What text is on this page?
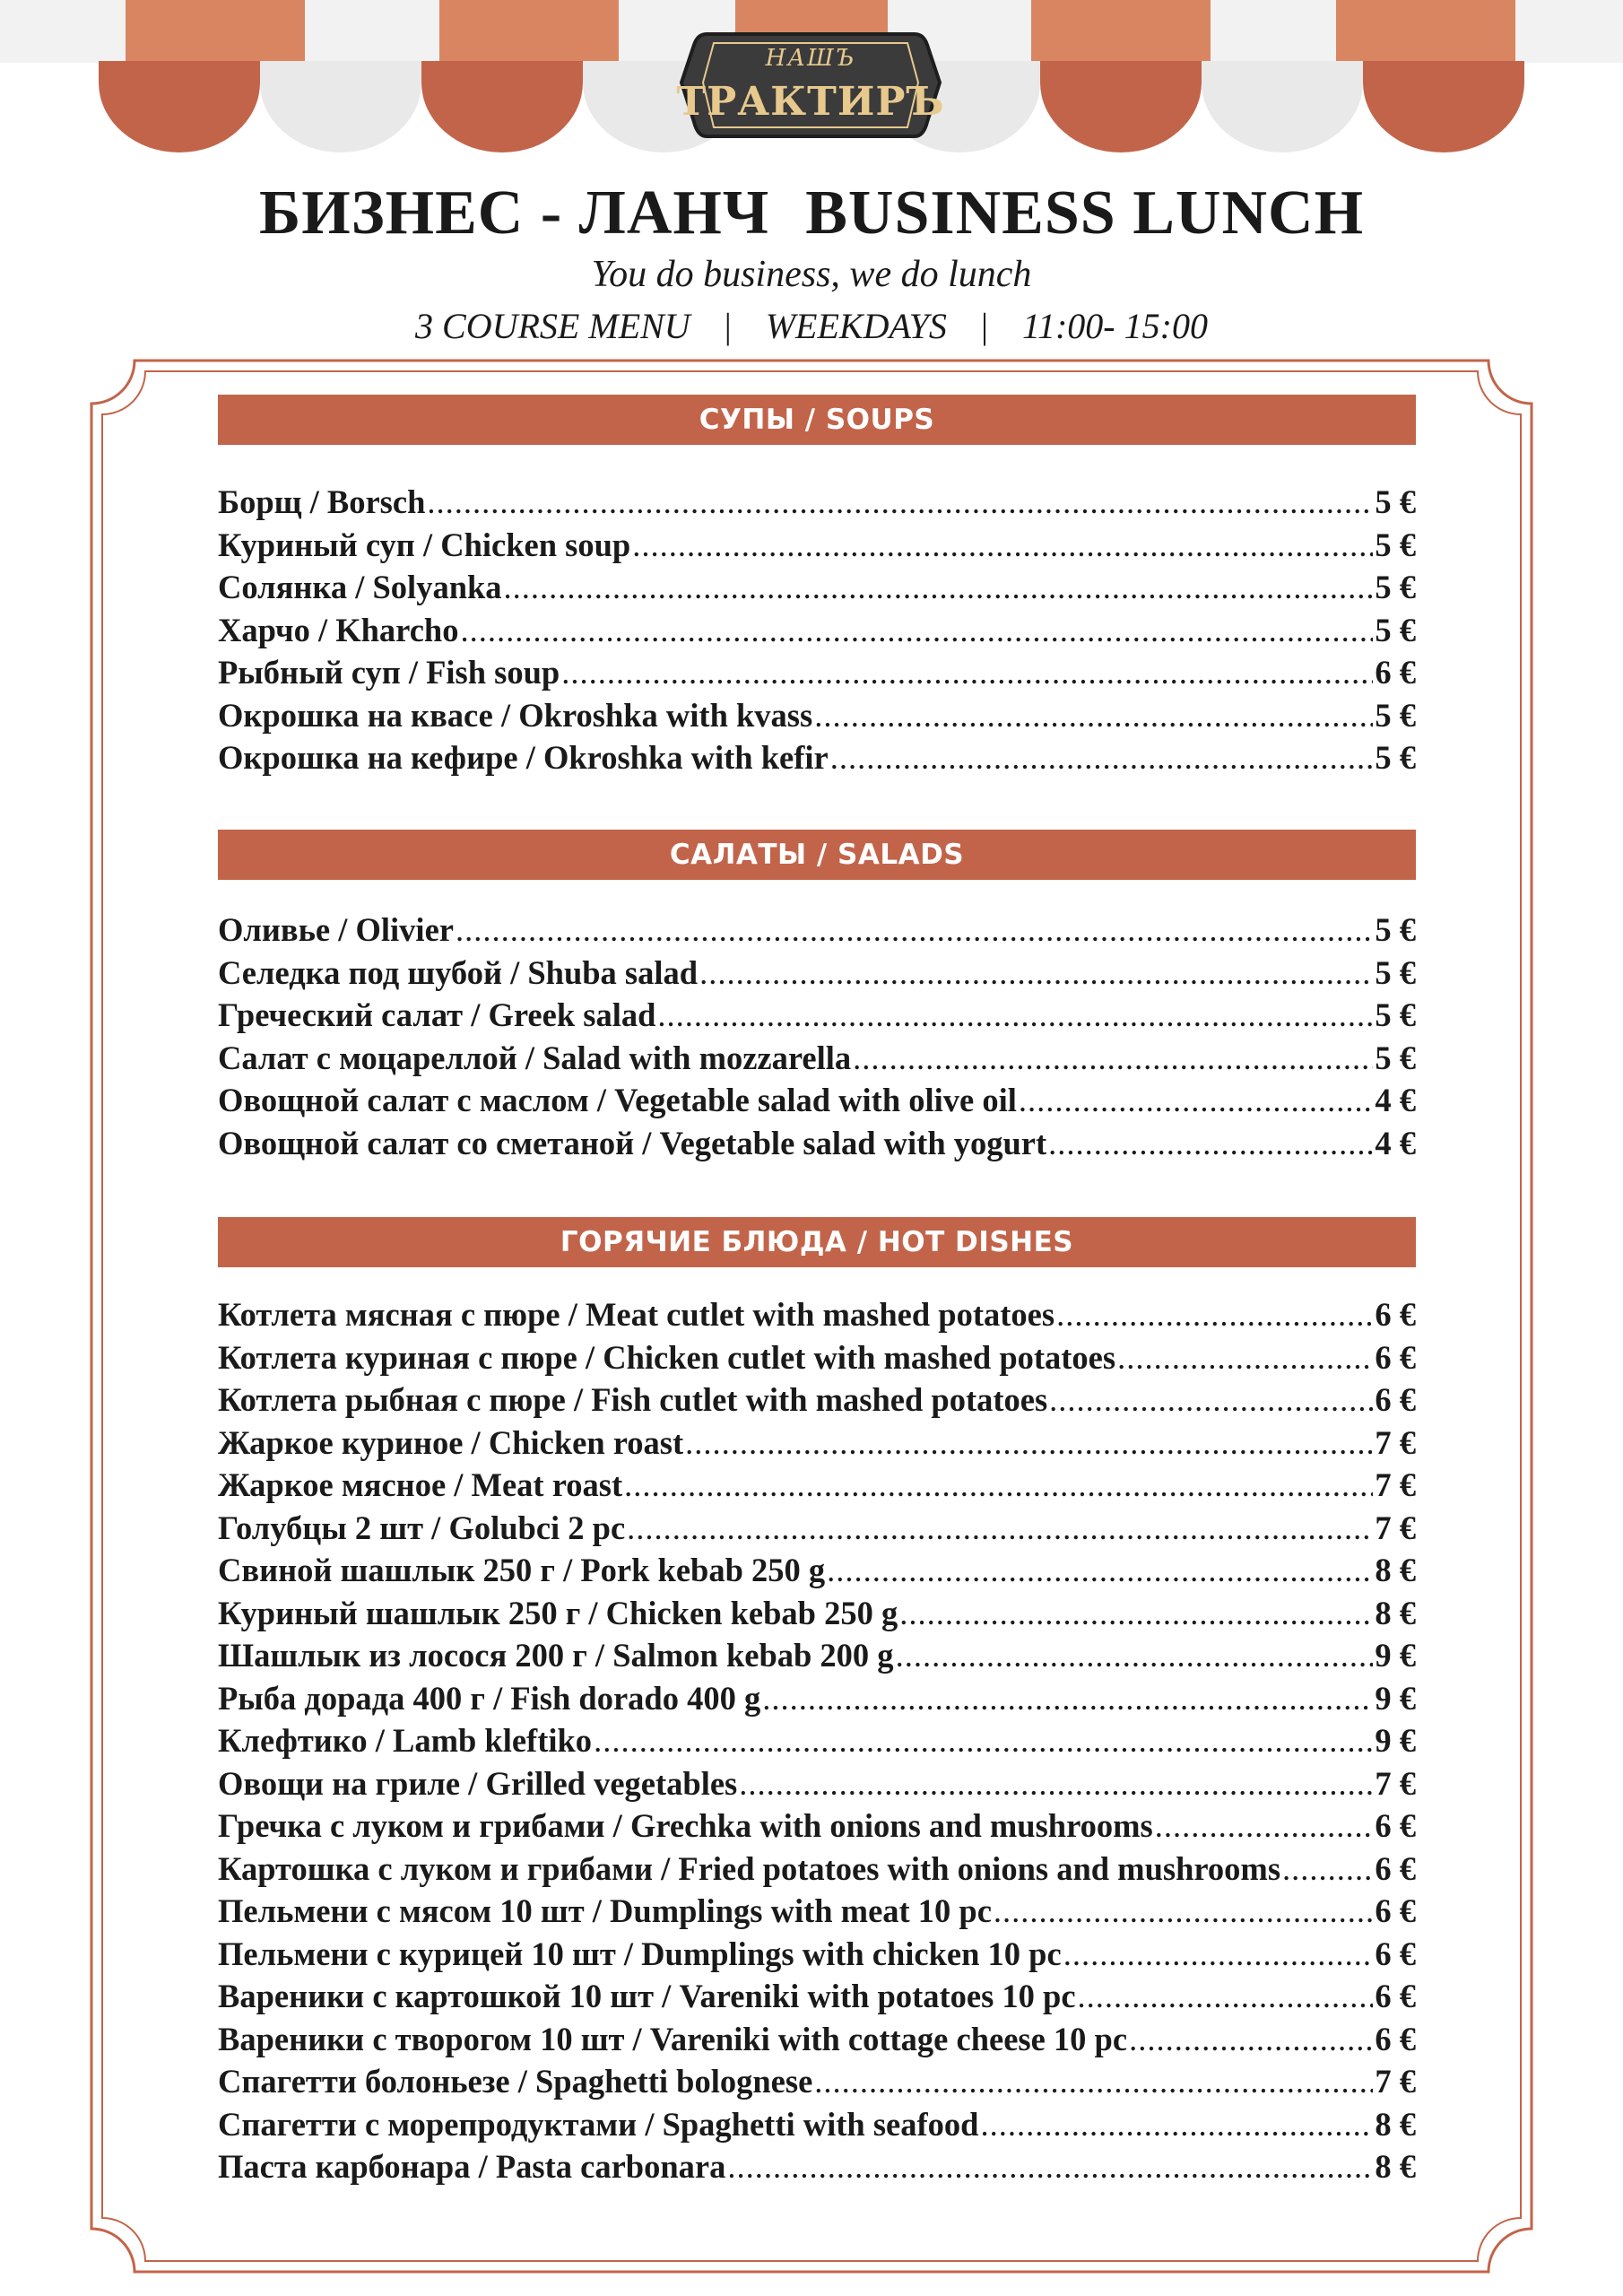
НАШЪ
ТРАКТИРЪ
БИЗНЕС - ЛАНЧ BUSINESS LUNCH
You do business, we do lunch
3 COURSE MENU | WEEKDAYS | 11:00- 15:00
СУПЫ / SOUPS
Борщ / Borsch .....	5 €
Куриный суп / Chicken soup .....	5 €
Солянка / Solyanka .....	5 €
Харчо / Kharcho .....	5 €
Рыбный суп / Fish soup .....	6 €
Окрошка на квасе / Okroshka with kvass .....	5 €
Окрошка на кефире / Okroshka with kefir .....	5 €
САЛАТЫ / SALADS
Оливье / Olivier .....	5 €
Селедка под шубой / Shuba salad .....	5 €
Греческий салат / Greek salad .....	5 €
Салат с моцареллой / Salad with mozzarella .....	5 €
Овощной салат с маслом / Vegetable salad with olive oil .....	4 €
Овощной салат со сметаной / Vegetable salad with yogurt .....	4 €
ГОРЯЧИЕ БЛЮДА / HOT DISHES
Котлета мясная с пюре / Meat cutlet with mashed potatoes .....	6 €
Котлета куриная с пюре / Chicken cutlet with mashed potatoes .....	6 €
Котлета рыбная с пюре / Fish cutlet with mashed potatoes .....	6 €
Жаркое куриное / Chicken roast .....	7 €
Жаркое мясное / Meat roast .....	7 €
Голубцы 2 шт / Golubci 2 pc .....	7 €
Свиной шашлык 250 г / Pork kebab 250 g .....	8 €
Куриный шашлык 250 г / Chicken kebab 250 g .....	8 €
Шашлык из лосося 200 г / Salmon kebab 200 g .....	9 €
Рыба дорада 400 г / Fish dorado 400 g .....	9 €
Клефтико / Lamb kleftiko .....	9 €
Овощи на гриле / Grilled vegetables .....	7 €
Гречка с луком и грибами / Grechka with onions and mushrooms .....	6 €
Картошка с луком и грибами / Fried potatoes with onions and mushrooms .....	6 €
Пельмени с мясом 10 шт / Dumplings with meat 10 pc .....	6 €
Пельмени с курицей 10 шт / Dumplings with chicken 10 pc .....	6 €
Вареники с картошкой 10 шт / Vareniki with potatoes 10 pc .....	6 €
Вареники с творогом 10 шт / Vareniki with cottage cheese 10 pc .....	6 €
Спагетти болоньезе / Spaghetti bolognese .....	7 €
Спагетти с морепродуктами / Spaghetti with seafood .....	8 €
Паста карбонара / Pasta carbonara .....	8 €
